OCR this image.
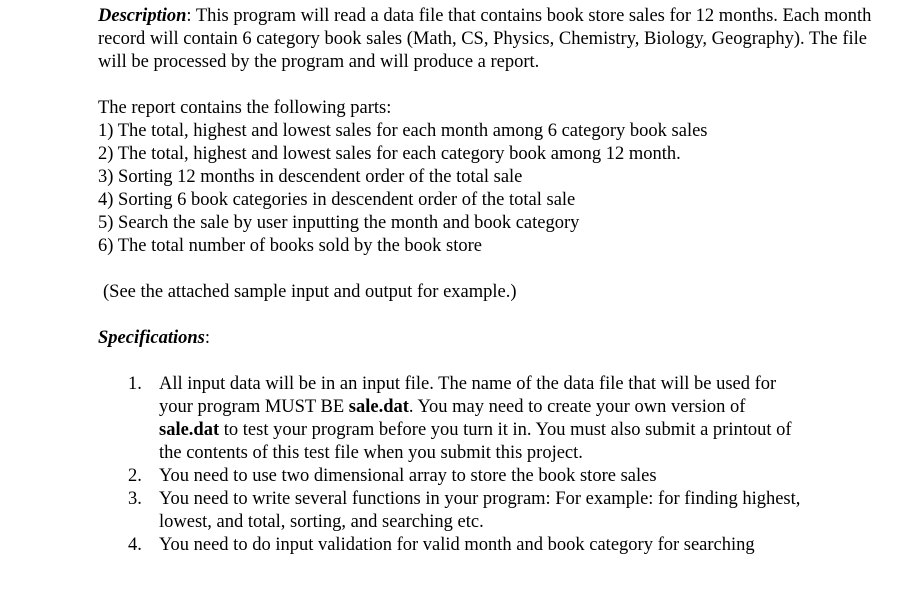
Description: This program will read a data file that contains book store sales for 12 months. Each month record will contain 6 category book sales (Math, CS, Physics, Chemistry, Biology, Geography). The file will be processed by the program and will produce a report.

The report contains the following parts:

1) The total, highest and lowest sales for each month among 6 category book sales

2) The total, highest and lowest sales for each category book among 12 month.

3) Sorting 12 months in descendent order of the total sale

4) Sorting 6 book categories in descendent order of the total sale

5) Search the sale by user inputting the month and book category

6) The total number of books sold by the book store

(See the attached sample input and output for example.)

Specifications:

1. All input data will be in an input file. The name of the data file that will be used for your program MUST BE sale.dat. You may need to create your own version of sale.dat to test your program before you turn it in. You must also submit a printout of the contents of this test file when you submit this project.
2. You need to use two dimensional array to store the book store sales
3. You need to write several functions in your program: For example: for finding highest, lowest, and total, sorting, and searching etc.
4. You need to do input validation for valid month and book category for searching
